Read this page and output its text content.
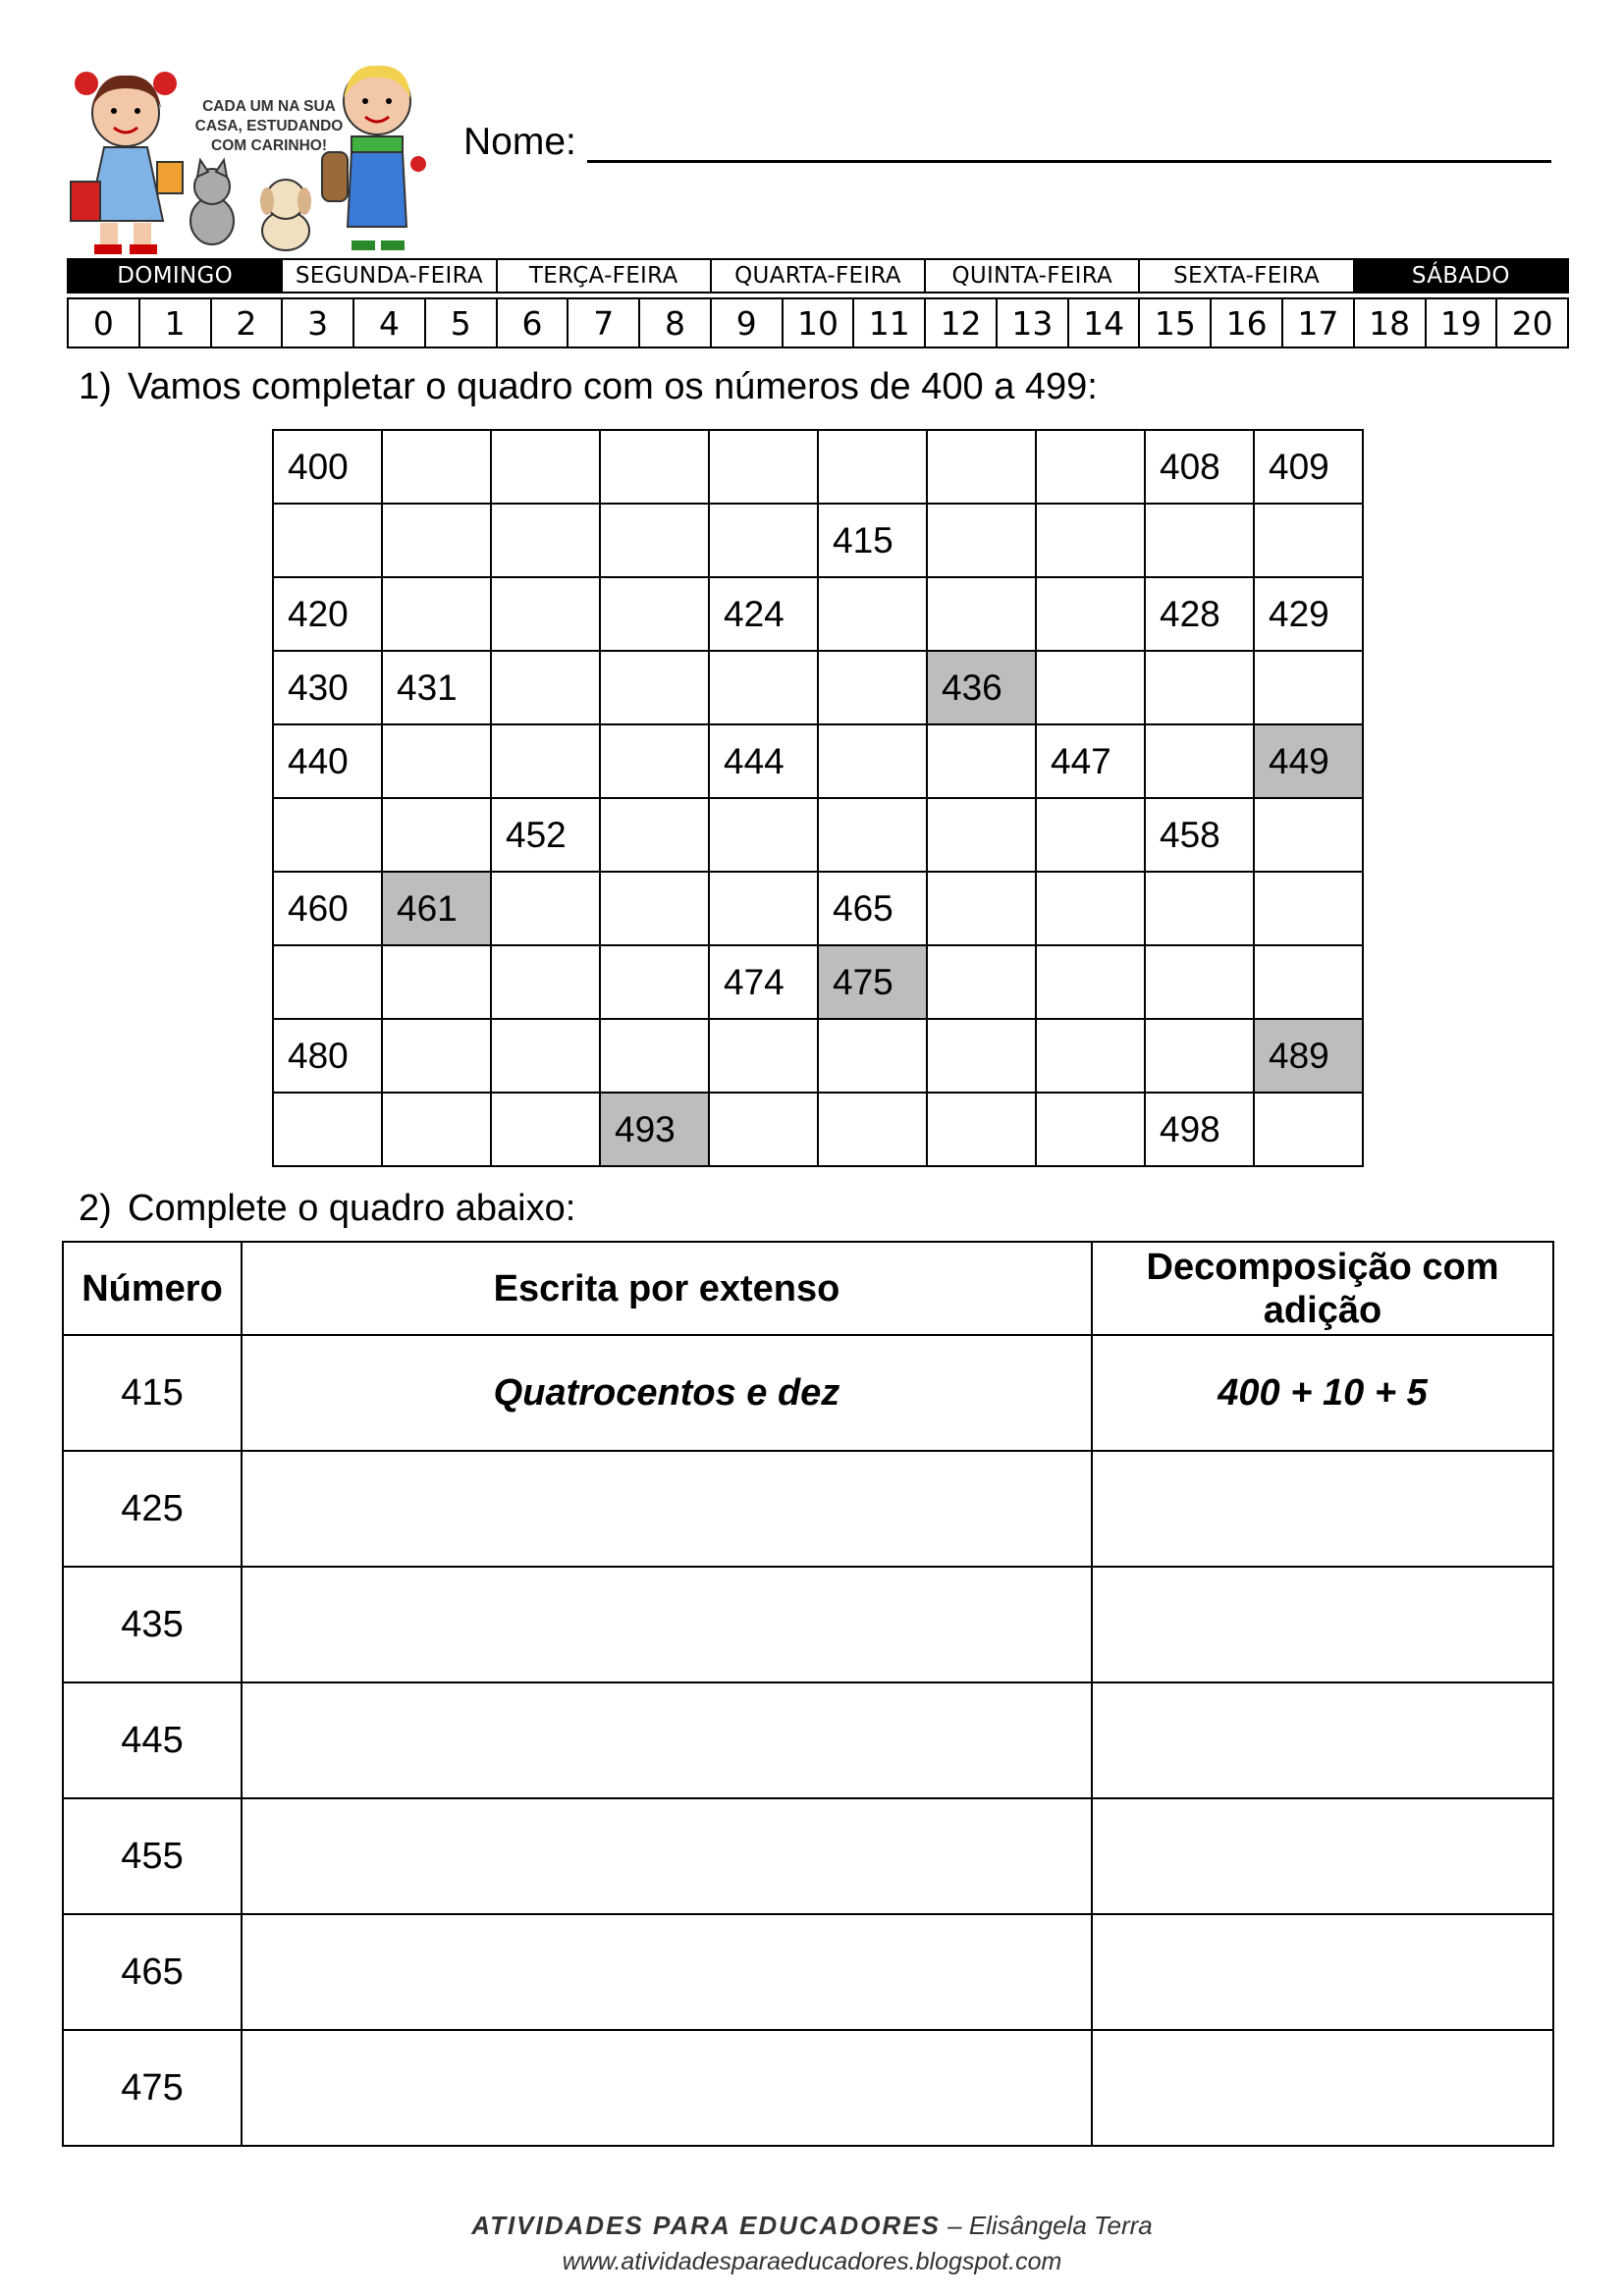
CADA UM NA SUA
CASA, ESTUDANDO
COM CARINHO!	Nome:
DOMINGO	SEGUNDA-FEIRA	TERÇA-FEIRA	QUARTA-FEIRA	QUINTA-FEIRA	SEXTA-FEIRA	SÁBADO
0	1	2	3	4	5	6	7	8	9	10 11 12 13 14 15 16 17 18 19 20
1) Vamos completar o quadro com os números de 400 a 499:
400								408	409
					415				
420				424				428	429
430	431					436			
440				444			447		449
		452						458	
460	461				465				
				474	475				
480									489
			493					498	
2) Complete o quadro abaixo:
Número	Escrita por extenso	Decomposição com adição
415	Quatrocentos e dez	400 + 10 + 5
425		
435		
445		
455		
465		
475		
ATIVIDADES PARA EDUCADORES – Elisângela Terra
www.atividadesparaeducadores.blogspot.com
